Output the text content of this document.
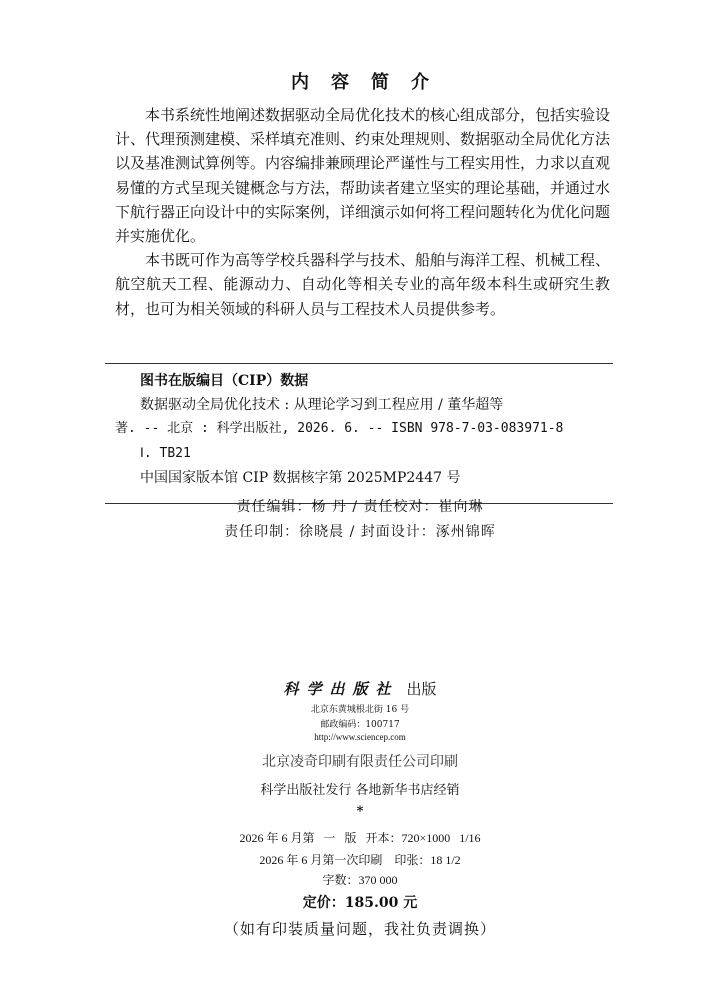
内容简介

本书系统性地阐述数据驱动全局优化技术的核心组成部分，包括实验设计、代理预测建模、采样填充准则、约束处理规则、数据驱动全局优化方法以及基准测试算例等。内容编排兼顾理论严谨性与工程实用性，力求以直观易懂的方式呈现关键概念与方法，帮助读者建立坚实的理论基础，并通过水下航行器正向设计中的实际案例，详细演示如何将工程问题转化为优化问题并实施优化。

本书既可作为高等学校兵器科学与技术、船舶与海洋工程、机械工程、航空航天工程、能源动力、自动化等相关专业的高年级本科生或研究生教材，也可为相关领域的科研人员与工程技术人员提供参考。

图书在版编目（CIP）数据
数据驱动全局优化技术 : 从理论学习到工程应用 / 董华超等
著. -- 北京 : 科学出版社, 2026. 6. -- ISBN 978-7-03-083971-8
Ⅰ. TB21
中国国家版本馆 CIP 数据核字第 2025MP2447 号
责任编辑：杨 丹 / 责任校对：崔向琳
责任印制：徐晓晨 / 封面设计：涿州锦晖
科学出版社 出版
北京东黄城根北街 16 号
邮政编码：100717
http://www.sciencep.com
北京凌奇印刷有限责任公司印刷
科学出版社发行 各地新华书店经销
*
2026 年 6 月第   一   版   开本：720×1000   1/16
2026 年 6 月第一次印刷    印张：18 1/2
字数：370 000
定价：185.00 元
（如有印装质量问题，我社负责调换）
